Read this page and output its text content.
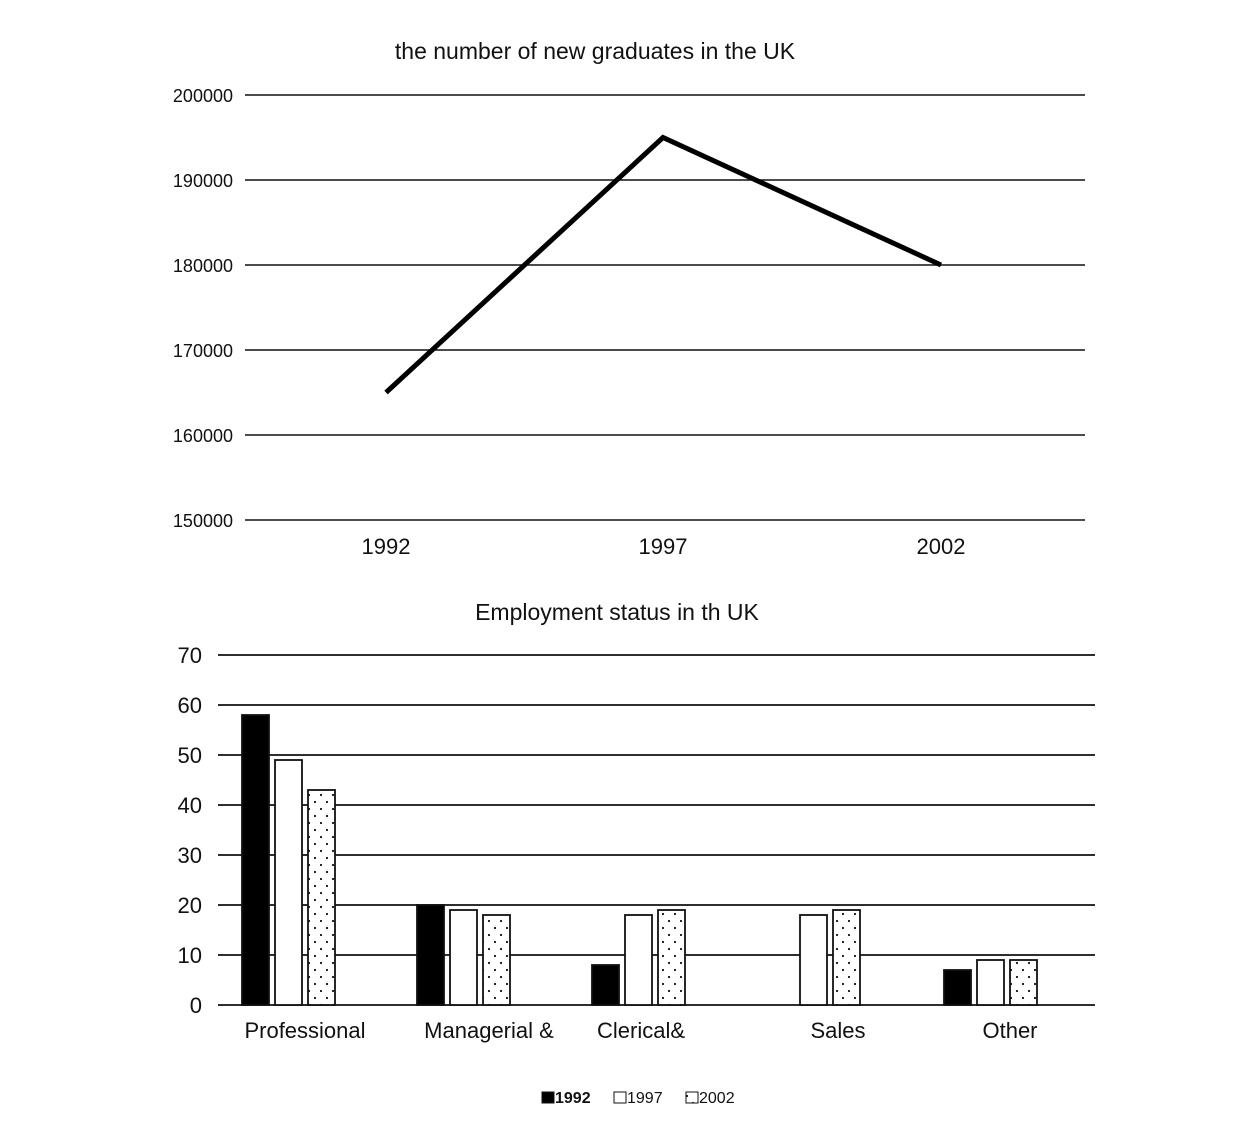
the number of new graduates in the UK
150000
160000
170000
180000
190000
200000
1992	1997	2002
Employment status in th UK
0
10
20
30
40
50
60
70
Professional	Managerial & Clerical&	Sales	Other
1992 1997 2002
